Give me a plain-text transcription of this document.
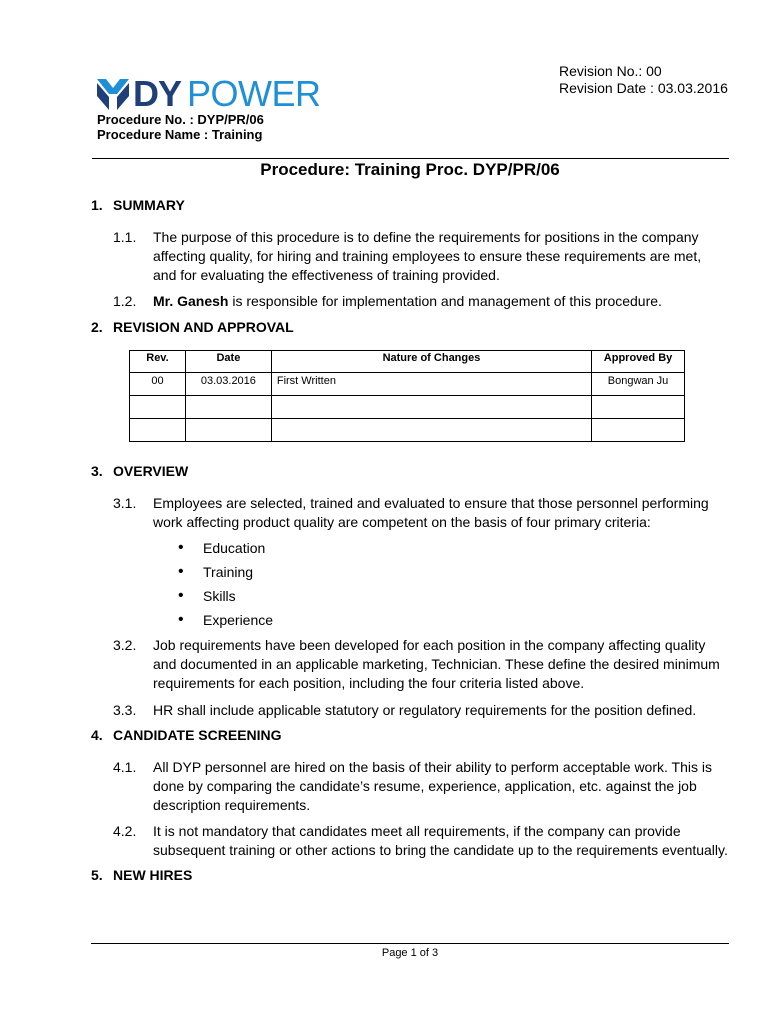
DY POWER
Revision No.: 00
Revision Date : 03.03.2016
Procedure No. : DYP/PR/06
Procedure Name : Training
Procedure: Training Proc. DYP/PR/06
1. SUMMARY
1.1. The purpose of this procedure is to define the requirements for positions in the company affecting quality, for hiring and training employees to ensure these requirements are met, and for evaluating the effectiveness of training provided.
1.2. Mr. Ganesh is responsible for implementation and management of this procedure.
2. REVISION AND APPROVAL
Rev.	Date	Nature of Changes	Approved By
00	03.03.2016	First Written	Bongwan Ju

3. OVERVIEW
3.1. Employees are selected, trained and evaluated to ensure that those personnel performing work affecting product quality are competent on the basis of four primary criteria:
• Education
• Training
• Skills
• Experience
3.2. Job requirements have been developed for each position in the company affecting quality and documented in an applicable marketing, Technician. These define the desired minimum requirements for each position, including the four criteria listed above.
3.3. HR shall include applicable statutory or regulatory requirements for the position defined.
4. CANDIDATE SCREENING
4.1. All DYP personnel are hired on the basis of their ability to perform acceptable work. This is done by comparing the candidate’s resume, experience, application, etc. against the job description requirements.
4.2. It is not mandatory that candidates meet all requirements, if the company can provide subsequent training or other actions to bring the candidate up to the requirements eventually.
5. NEW HIRES
Page 1 of 3
